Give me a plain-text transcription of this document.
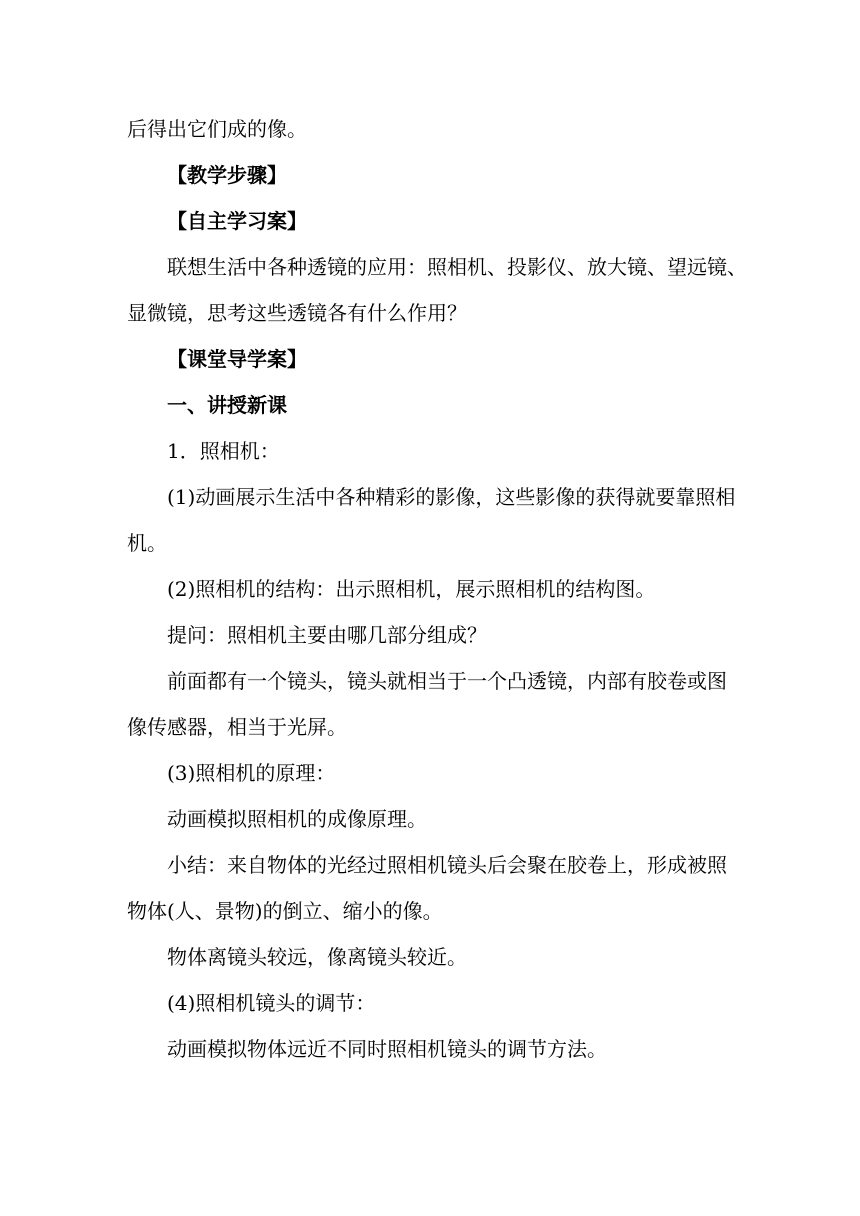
后得出它们成的像。
【教学步骤】
【自主学习案】
联想生活中各种透镜的应用：照相机、投影仪、放大镜、望远镜、
显微镜，思考这些透镜各有什么作用？
【课堂导学案】
一、讲授新课
1．照相机：
(1)动画展示生活中各种精彩的影像，这些影像的获得就要靠照相
机。
(2)照相机的结构：出示照相机，展示照相机的结构图。
提问：照相机主要由哪几部分组成？
前面都有一个镜头，镜头就相当于一个凸透镜，内部有胶卷或图
像传感器，相当于光屏。
(3)照相机的原理：
动画模拟照相机的成像原理。
小结：来自物体的光经过照相机镜头后会聚在胶卷上，形成被照
物体(人、景物)的倒立、缩小的像。
物体离镜头较远，像离镜头较近。
(4)照相机镜头的调节：
动画模拟物体远近不同时照相机镜头的调节方法。
